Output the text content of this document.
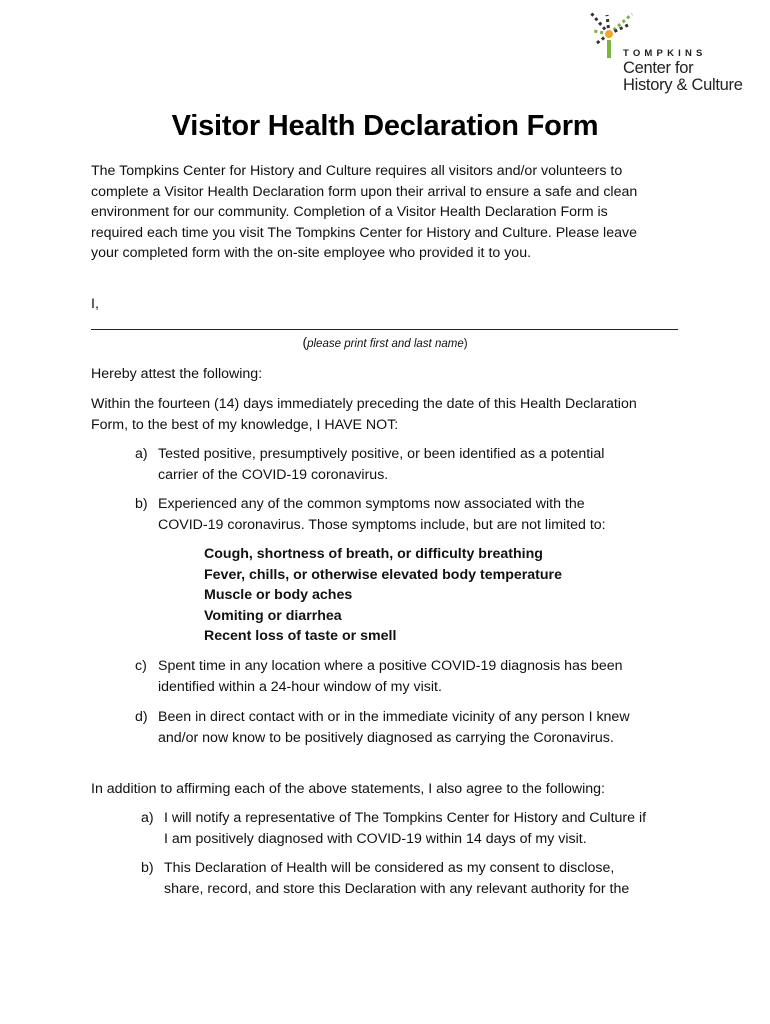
TOMPKINS
Center for
History & Culture
Visitor Health Declaration Form
The Tompkins Center for History and Culture requires all visitors and/or volunteers to
complete a Visitor Health Declaration form upon their arrival to ensure a safe and clean
environment for our community. Completion of a Visitor Health Declaration Form is
required each time you visit The Tompkins Center for History and Culture. Please leave
your completed form with the on-site employee who provided it to you.
I,
(please print first and last name)
Hereby attest the following:
Within the fourteen (14) days immediately preceding the date of this Health Declaration
Form, to the best of my knowledge, I HAVE NOT:
a) Tested positive, presumptively positive, or been identified as a potential
carrier of the COVID-19 coronavirus.
b) Experienced any of the common symptoms now associated with the
COVID-19 coronavirus. Those symptoms include, but are not limited to:
Cough, shortness of breath, or difficulty breathing
Fever, chills, or otherwise elevated body temperature
Muscle or body aches
Vomiting or diarrhea
Recent loss of taste or smell
c) Spent time in any location where a positive COVID-19 diagnosis has been
identified within a 24-hour window of my visit.
d) Been in direct contact with or in the immediate vicinity of any person I knew
and/or now know to be positively diagnosed as carrying the Coronavirus.
In addition to affirming each of the above statements, I also agree to the following:
a) I will notify a representative of The Tompkins Center for History and Culture if
I am positively diagnosed with COVID-19 within 14 days of my visit.
b) This Declaration of Health will be considered as my consent to disclose,
share, record, and store this Declaration with any relevant authority for the
